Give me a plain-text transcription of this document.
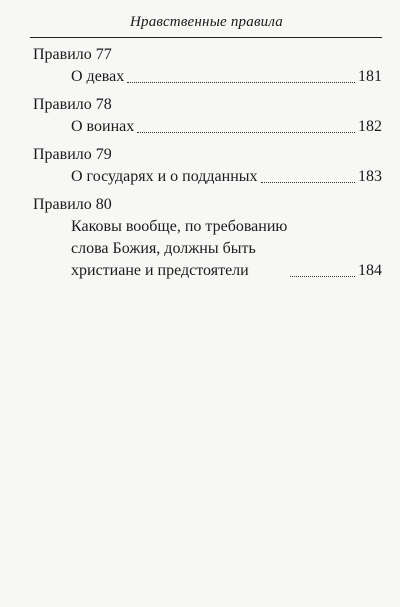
Нравственные правила
Правило 77
О девах	181
Правило 78
О воинах	182
Правило 79
О государях и о подданных	183
Правило 80
Каковы вообще, по требованию
слова Божия, должны быть
христиане и предстоятели	184
